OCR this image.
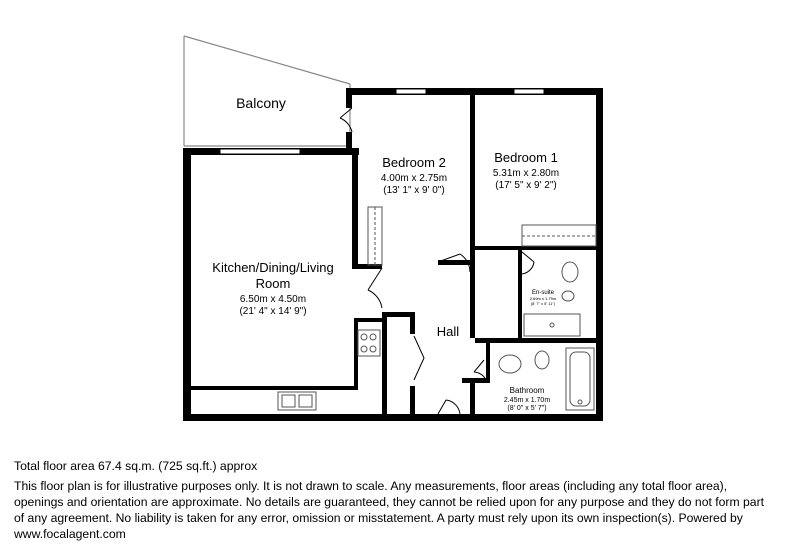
Balcony
Kitchen/Dining/Living
Room
6.50m x 4.50m
(21' 4" x 14' 9")
Bedroom 2
4.00m x 2.75m
(13' 1" x 9' 0")
Bedroom 1
5.31m x 2.80m
(17' 5" x 9' 2")
En-suite
2.69m x 1.79m
(8' 7" x 5' 11")
Hall
Bathroom
2.45m x 1.70m
(8' 0" x 5' 7")
Total floor area 67.4 sq.m. (725 sq.ft.) approx
This floor plan is for illustrative purposes only. It is not drawn to scale. Any measurements, floor areas (including any total floor area), openings and orientation are approximate. No details are guaranteed, they cannot be relied upon for any purpose and they do not form part of any agreement. No liability is taken for any error, omission or misstatement. A party must rely upon its own inspection(s). Powered by www.focalagent.com
